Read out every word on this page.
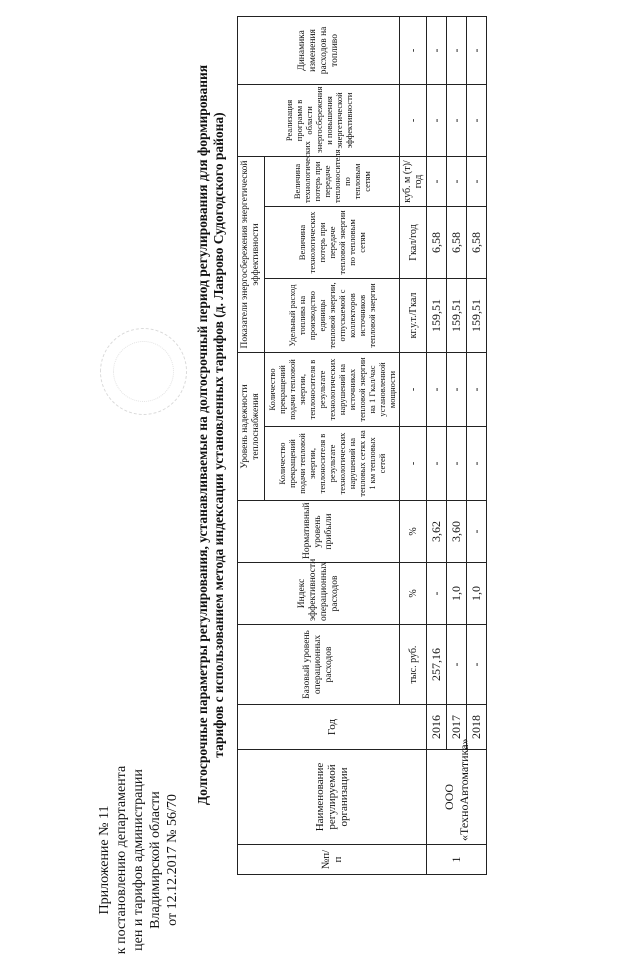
Приложение № 11 к постановлению департамента цен и тарифов администрации Владимирской области от 12.12.2017 № 56/70
Долгосрочные параметры регулирования, устанавливаемые на долгосрочный период регулирования для формирования тарифов с использованием метода индексации установленных тарифов (д. Лаврово Судогодского района)
№п/п	Наименование регулируемой организации	Год	Базовый уровень операционных расходов	Индекс эффективности операционных расходов	Нормативный уровень прибыли	Уровень надежности теплоснабжения		Показатели энергосбережения энергетической эффективности			Реализация программ в области энергосбережения и повышения энергетической эффективности	Динамика изменения расходов на топливо
						Количество прекращений подачи тепловой энергии, теплоносителя в результате технологических нарушений на тепловых сетях на 1 км тепловых сетей	Количество прекращений подачи тепловой энергии, теплоносителя в результате технологических нарушений на источниках тепловой энергии на 1 Гкал/час установленной мощности	Удельный расход топлива на производство единицы тепловой энергии, отпускаемой с коллекторов источников тепловой энергии	Величина технологических потерь при передаче тепловой энергии по тепловым сетям	Величина технологических потерь при передаче теплоносителя по тепловым сетям		
			тыс. руб.	%	%	-	-	кг.у.т./Гкал	Гкал/год	куб. м (т)/год	-	-
1	ООО «ТехноАвтоматика»	2016	257,16	-	3,62	-	-	159,51	6,58	-	-	-
		2017	-	1,0	3,60	-	-	159,51	6,58	-	-	-
		2018	-	1,0	-	-	-	159,51	6,58	-	-	-
